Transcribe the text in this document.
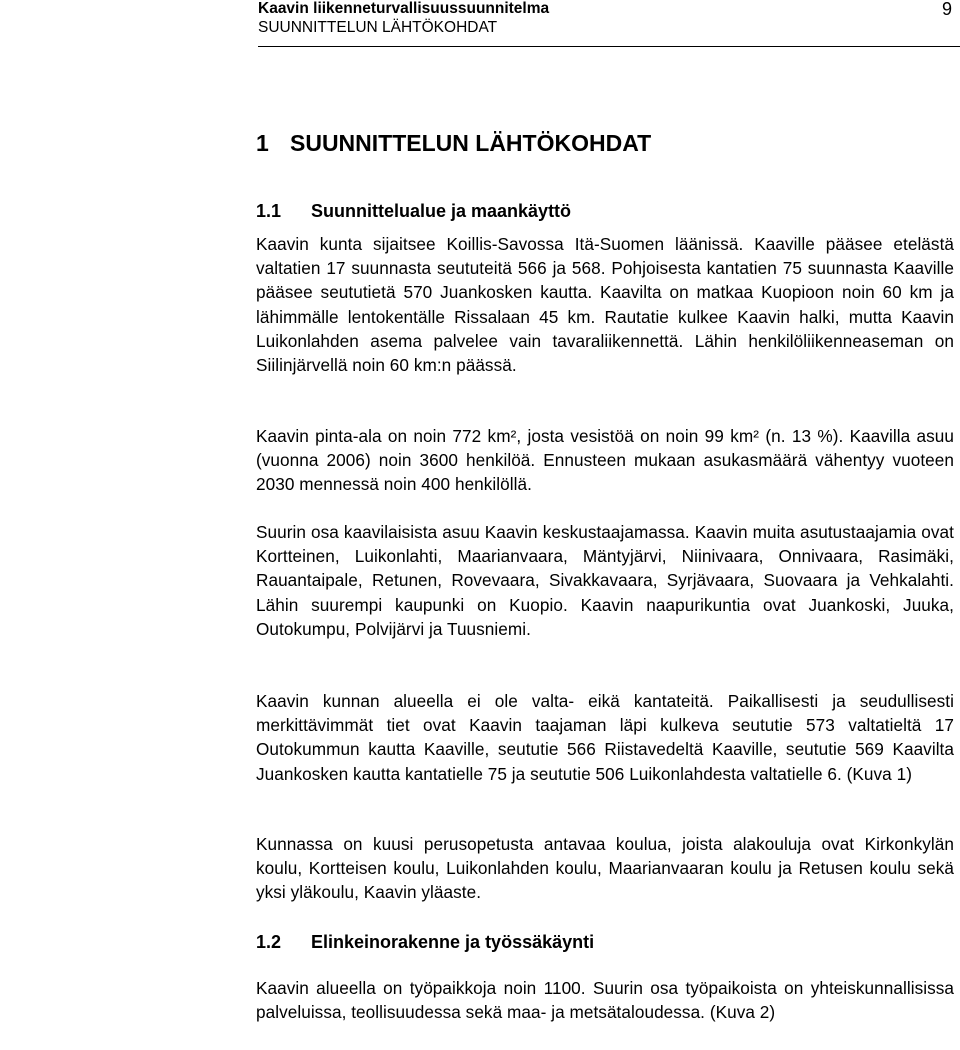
Kaavin liikenneturvallisuussuunnitelma
SUUNNITTELUN LÄHTÖKOHDAT
9
1 SUUNNITTELUN LÄHTÖKOHDAT
1.1 Suunnittelualue ja maankäyttö

Kaavin kunta sijaitsee Koillis-Savossa Itä-Suomen läänissä. Kaaville pääsee etelästä valtatien 17 suunnasta seututeitä 566 ja 568. Pohjoisesta kantatien 75 suunnasta Kaaville pääsee seututietä 570 Juankosken kautta. Kaavilta on matkaa Kuopioon noin 60 km ja lähimmälle lentokentälle Rissalaan 45 km. Rautatie kulkee Kaavin halki, mutta Kaavin Luikonlahden asema palvelee vain tavaraliikennettä. Lähin henkilöliikenneaseman on Siilinjärvellä noin 60 km:n päässä.

Kaavin pinta-ala on noin 772 km², josta vesistöä on noin 99 km² (n. 13 %). Kaavilla asuu (vuonna 2006) noin 3600 henkilöä. Ennusteen mukaan asukasmäärä vähentyy vuoteen 2030 mennessä noin 400 henkilöllä.

Suurin osa kaavilaisista asuu Kaavin keskustaajamassa. Kaavin muita asutustaajamia ovat Kortteinen, Luikonlahti, Maarianvaara, Mäntyjärvi, Niinivaara, Onnivaara, Rasimäki, Rauantaipale, Retunen, Rovevaara, Sivakkavaara, Syrjävaara, Suovaara ja Vehkalahti. Lähin suurempi kaupunki on Kuopio. Kaavin naapurikuntia ovat Juankoski, Juuka, Outokumpu, Polvijärvi ja Tuusniemi.

Kaavin kunnan alueella ei ole valta- eikä kantateitä. Paikallisesti ja seudullisesti merkittävimmät tiet ovat Kaavin taajaman läpi kulkeva seututie 573 valtatieltä 17 Outokummun kautta Kaaville, seututie 566 Riistavedeltä Kaaville, seututie 569 Kaavilta Juankosken kautta kantatielle 75 ja seututie 506 Luikonlahdesta valtatielle 6. (Kuva 1)

Kunnassa on kuusi perusopetusta antavaa koulua, joista alakouluja ovat Kirkonkylän koulu, Kortteisen koulu, Luikonlahden koulu, Maarianvaaran koulu ja Retusen koulu sekä yksi yläkoulu, Kaavin yläaste.

1.2 Elinkeinorakenne ja työssäkäynti

Kaavin alueella on työpaikkoja noin 1100. Suurin osa työpaikoista on yhteiskunnallisissa palveluissa, teollisuudessa sekä maa- ja metsätaloudessa. (Kuva 2)
